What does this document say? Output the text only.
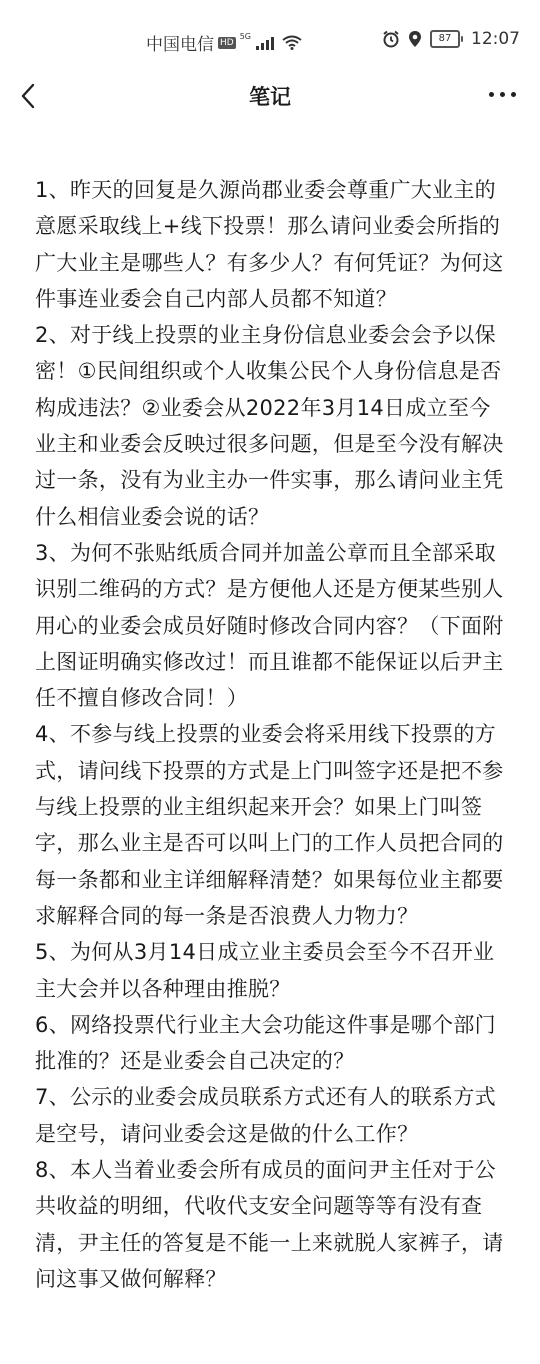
中国电信 HD
5G	87	12:07
笔记

1、昨天的回复是久源尚郡业委会尊重广大业主的意愿采取线上+线下投票！那么请问业委会所指的广大业主是哪些人？有多少人？有何凭证？为何这件事连业委会自己内部人员都不知道？

2、对于线上投票的业主身份信息业委会会予以保密！①民间组织或个人收集公民个人身份信息是否构成违法？②业委会从2022年3月14日成立至今业主和业委会反映过很多问题，但是至今没有解决过一条，没有为业主办一件实事，那么请问业主凭什么相信业委会说的话？

3、为何不张贴纸质合同并加盖公章而且全部采取识别二维码的方式？是方便他人还是方便某些别人用心的业委会成员好随时修改合同内容？（下面附上图证明确实修改过！而且谁都不能保证以后尹主任不擅自修改合同！）

4、不参与线上投票的业委会将采用线下投票的方式，请问线下投票的方式是上门叫签字还是把不参与线上投票的业主组织起来开会？如果上门叫签字，那么业主是否可以叫上门的工作人员把合同的每一条都和业主详细解释清楚？如果每位业主都要求解释合同的每一条是否浪费人力物力？

5、为何从3月14日成立业主委员会至今不召开业主大会并以各种理由推脱？

6、网络投票代行业主大会功能这件事是哪个部门批准的？还是业委会自己决定的？

7、公示的业委会成员联系方式还有人的联系方式是空号，请问业委会这是做的什么工作？

8、本人当着业委会所有成员的面问尹主任对于公共收益的明细，代收代支安全问题等等有没有查清，尹主任的答复是不能一上来就脱人家裤子，请问这事又做何解释？
